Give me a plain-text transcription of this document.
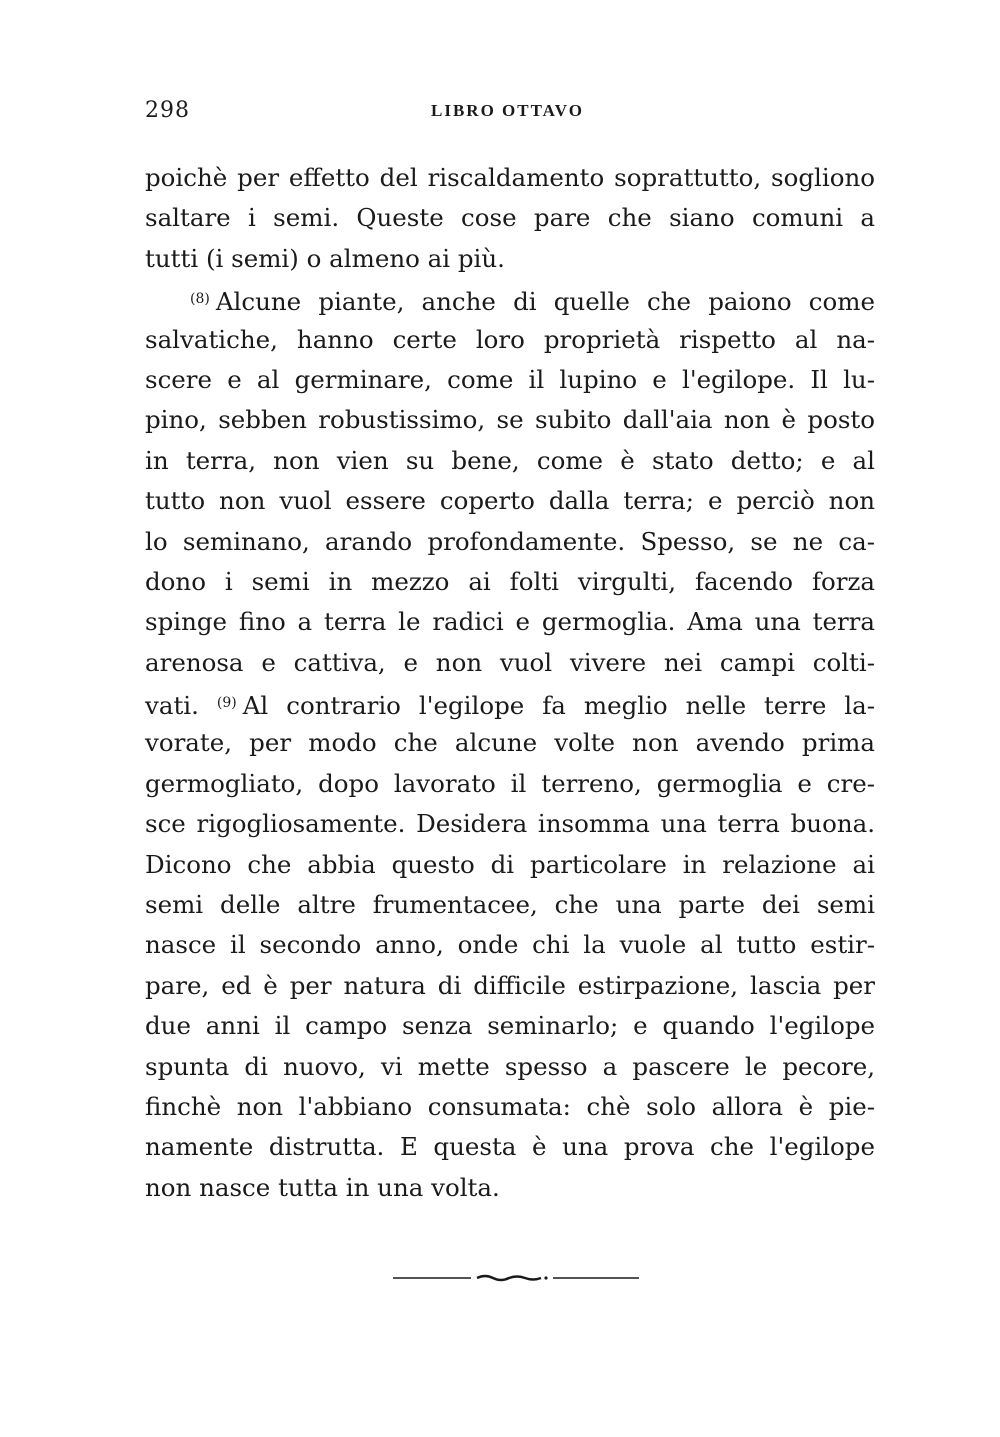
298	LIBRO OTTAVO
poichè per effetto del riscaldamento soprattutto, sogliono
saltare i semi. Queste cose pare che siano comuni a
tutti (i semi) o almeno ai più.
$^{(8)}$ Alcune piante, anche di quelle che paiono come
salvatiche, hanno certe loro proprietà rispetto al na-
scere e al germinare, come il lupino e l'egilope. Il lu-
pino, sebben robustissimo, se subito dall'aia non è posto
in terra, non vien su bene, come è stato detto; e al
tutto non vuol essere coperto dalla terra; e perciò non
lo seminano, arando profondamente. Spesso, se ne ca-
dono i semi in mezzo ai folti virgulti, facendo forza
spinge fino a terra le radici e germoglia. Ama una terra
arenosa e cattiva, e non vuol vivere nei campi colti-
vati. $^{(9)}$ Al contrario l'egilope fa meglio nelle terre la-
vorate, per modo che alcune volte non avendo prima
germogliato, dopo lavorato il terreno, germoglia e cre-
sce rigogliosamente. Desidera insomma una terra buona.
Dicono che abbia questo di particolare in relazione ai
semi delle altre frumentacee, che una parte dei semi
nasce il secondo anno, onde chi la vuole al tutto estir-
pare, ed è per natura di difficile estirpazione, lascia per
due anni il campo senza seminarlo; e quando l'egilope
spunta di nuovo, vi mette spesso a pascere le pecore,
finchè non l'abbiano consumata: chè solo allora è pie-
namente distrutta. E questa è una prova che l'egilope
non nasce tutta in una volta.
